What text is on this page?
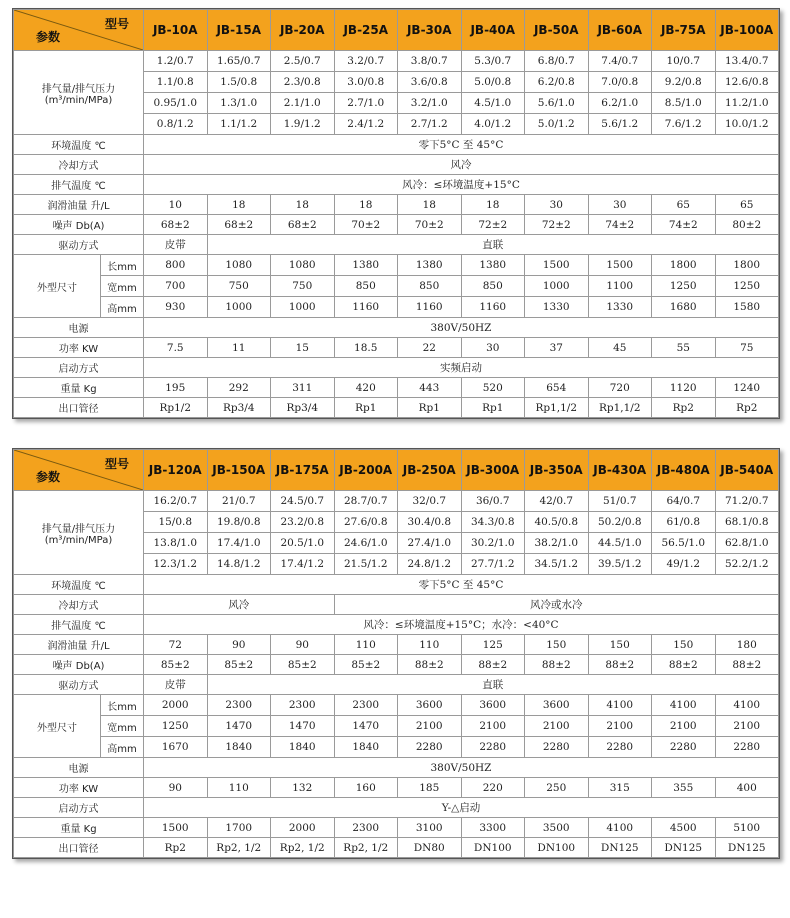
型号
参数		JB-10A	JB-15A	JB-20A	JB-25A	JB-30A	JB-40A	JB-50A	JB-60A	JB-75A	JB-100A

排气量/排气压力
(m³/min/MPa)		1.2/0.7	1.65/0.7	2.5/0.7	3.2/0.7	3.8/0.7	5.3/0.7	6.8/0.7	7.4/0.7	10/0.7	13.4/0.7
		1.1/0.8	1.5/0.8	2.3/0.8	3.0/0.8	3.6/0.8	5.0/0.8	6.2/0.8	7.0/0.8	9.2/0.8	12.6/0.8
		0.95/1.0	1.3/1.0	2.1/1.0	2.7/1.0	3.2/1.0	4.5/1.0	5.6/1.0	6.2/1.0	8.5/1.0	11.2/1.0
		0.8/1.2	1.1/1.2	1.9/1.2	2.4/1.2	2.7/1.2	4.0/1.2	5.0/1.2	5.6/1.2	7.6/1.2	10.0/1.2
环境温度 ℃		零下5°C 至 45°C									
冷却方式		风冷									
排气温度 ℃		风冷：≤环境温度+15°C									
润滑油量 升/L		10	18	18	18	18	18	30	30	65	65
噪声 Db(A)		68±2	68±2	68±2	70±2	70±2	72±2	72±2	74±2	74±2	80±2
驱动方式		皮带	直联								
外型尺寸	长mm	800	1080	1080	1380	1380	1380	1500	1500	1800	1800
	宽mm	700	750	750	850	850	850	1000	1100	1250	1250
	高mm	930	1000	1000	1160	1160	1160	1330	1330	1680	1580
电源		380V/50HZ									
功率 KW		7.5	11	15	18.5	22	30	37	45	55	75
启动方式		实频启动									
重量 Kg		195	292	311	420	443	520	654	720	1120	1240
出口管径		Rp1/2	Rp3/4	Rp3/4	Rp1	Rp1	Rp1	Rp1,1/2	Rp1,1/2	Rp2	Rp2
型号
参数		JB-120A	JB-150A	JB-175A	JB-200A	JB-250A	JB-300A	JB-350A	JB-430A	JB-480A	JB-540A

排气量/排气压力
(m³/min/MPa)		16.2/0.7	21/0.7	24.5/0.7	28.7/0.7	32/0.7	36/0.7	42/0.7	51/0.7	64/0.7	71.2/0.7
		15/0.8	19.8/0.8	23.2/0.8	27.6/0.8	30.4/0.8	34.3/0.8	40.5/0.8	50.2/0.8	61/0.8	68.1/0.8
		13.8/1.0	17.4/1.0	20.5/1.0	24.6/1.0	27.4/1.0	30.2/1.0	38.2/1.0	44.5/1.0	56.5/1.0	62.8/1.0
		12.3/1.2	14.8/1.2	17.4/1.2	21.5/1.2	24.8/1.2	27.7/1.2	34.5/1.2	39.5/1.2	49/1.2	52.2/1.2
环境温度 ℃		零下5°C 至 45°C									
冷却方式		风冷			风冷或水冷						
排气温度 ℃		风冷：≤环境温度+15°C；水冷：<40°C									
润滑油量 升/L		72	90	90	110	110	125	150	150	150	180
噪声 Db(A)		85±2	85±2	85±2	85±2	88±2	88±2	88±2	88±2	88±2	88±2
驱动方式		皮带	直联								
外型尺寸	长mm	2000	2300	2300	2300	3600	3600	3600	4100	4100	4100
	宽mm	1250	1470	1470	1470	2100	2100	2100	2100	2100	2100
	高mm	1670	1840	1840	1840	2280	2280	2280	2280	2280	2280
电源		380V/50HZ									
功率 KW		90	110	132	160	185	220	250	315	355	400
启动方式		Y-△启动									
重量 Kg		1500	1700	2000	2300	3100	3300	3500	4100	4500	5100
出口管径		Rp2	Rp2, 1/2	Rp2, 1/2	Rp2, 1/2	DN80	DN100	DN100	DN125	DN125	DN125
